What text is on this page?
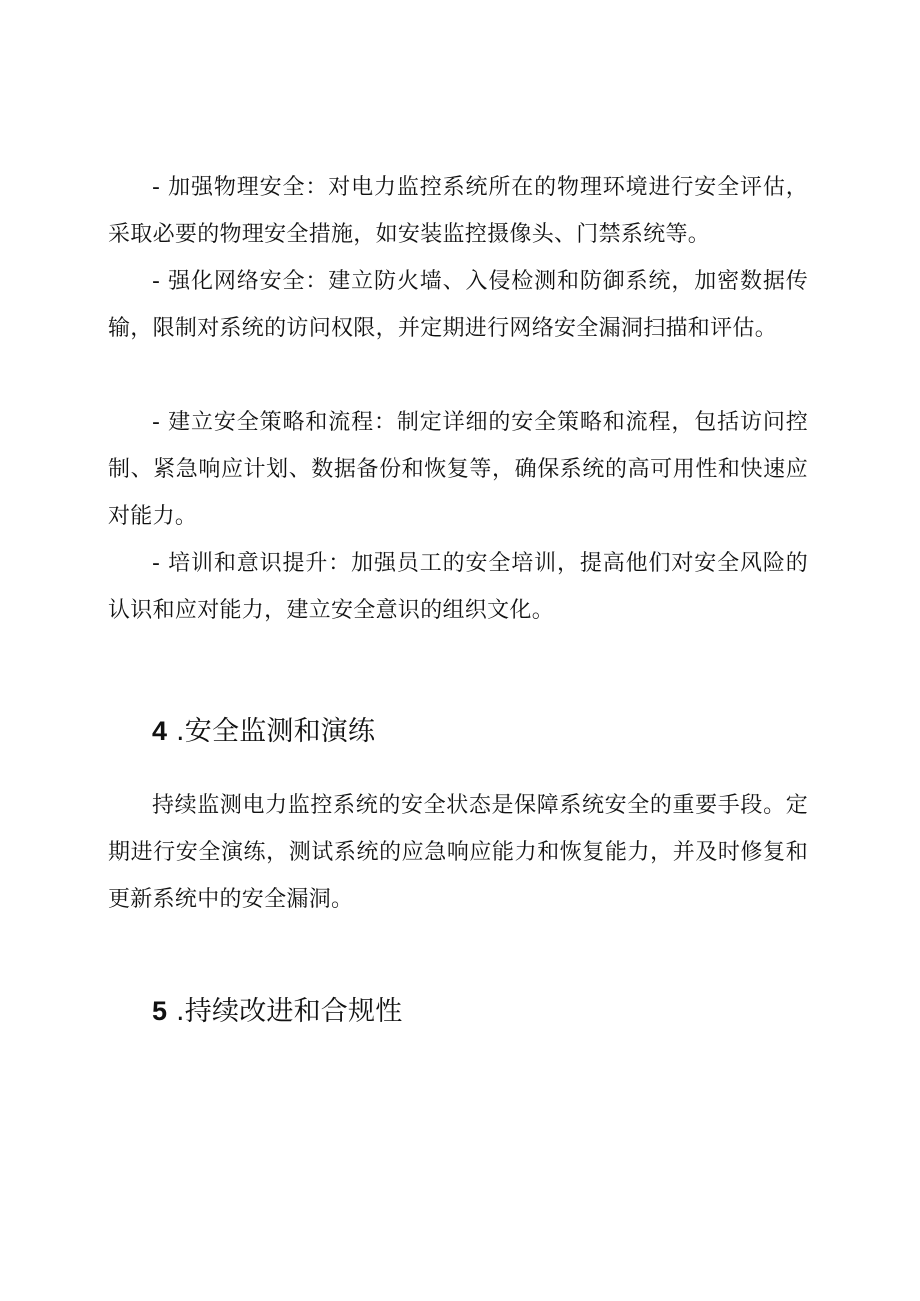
- 加强物理安全：对电力监控系统所在的物理环境进行安全评估，采取必要的物理安全措施，如安装监控摄像头、门禁系统等。

- 强化网络安全：建立防火墙、入侵检测和防御系统，加密数据传输，限制对系统的访问权限，并定期进行网络安全漏洞扫描和评估。

- 建立安全策略和流程：制定详细的安全策略和流程，包括访问控制、紧急响应计划、数据备份和恢复等，确保系统的高可用性和快速应对能力。

- 培训和意识提升：加强员工的安全培训，提高他们对安全风险的认识和应对能力，建立安全意识的组织文化。

4 .安全监测和演练

持续监测电力监控系统的安全状态是保障系统安全的重要手段。定期进行安全演练，测试系统的应急响应能力和恢复能力，并及时修复和更新系统中的安全漏洞。

5 .持续改进和合规性
